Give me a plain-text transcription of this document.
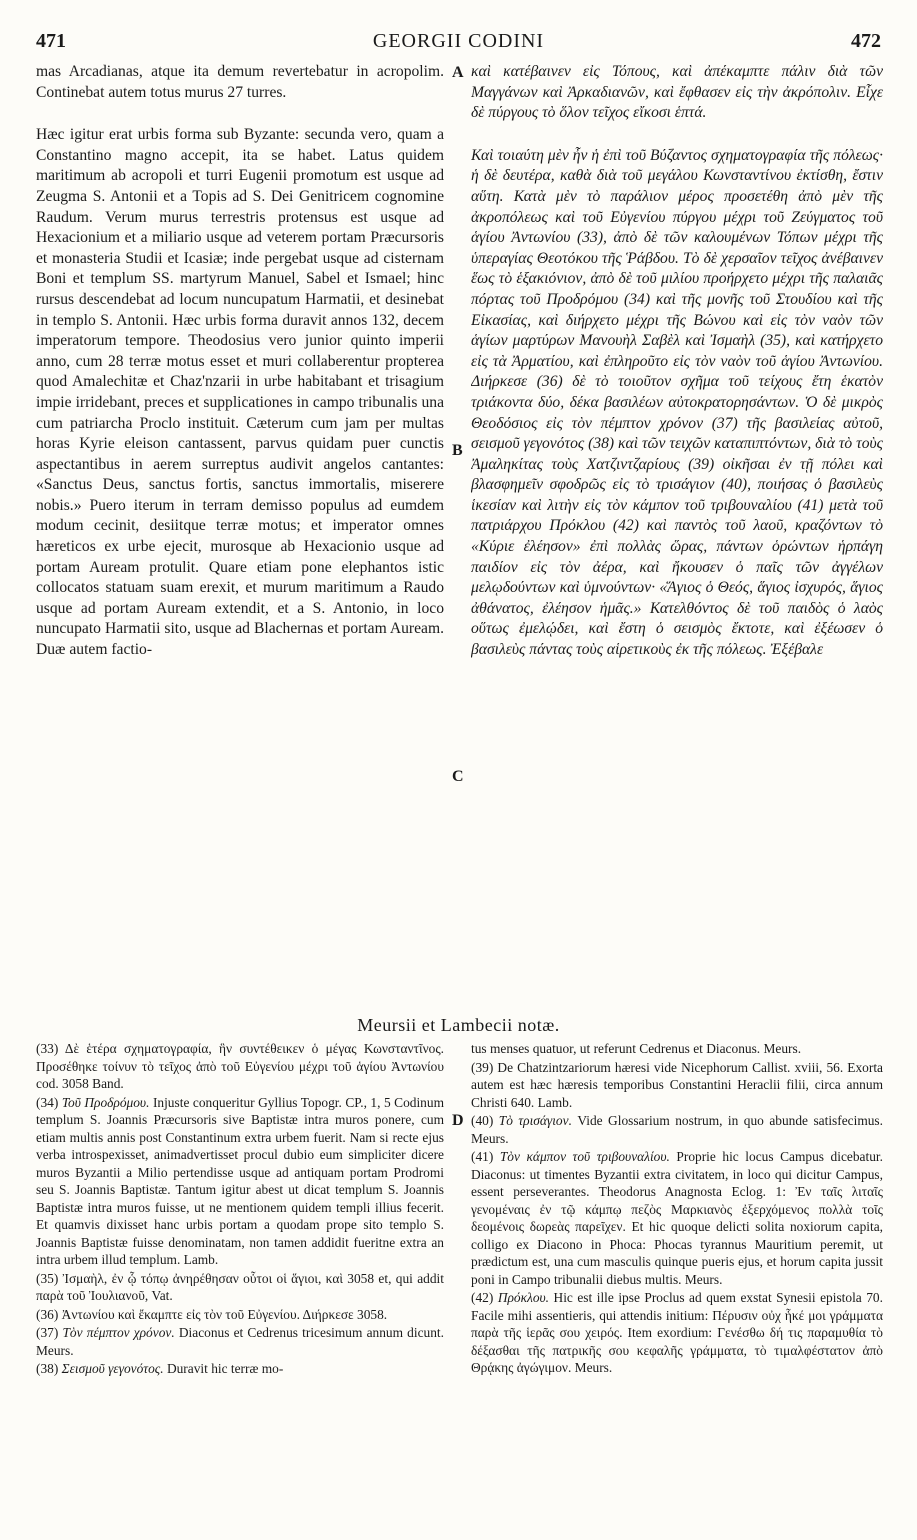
471	GEORGII CODINI	472

mas Arcadianas, atque ita demum revertebatur in acropolim. Continebat autem totus murus 27 turres.

Hæc igitur erat urbis forma sub Byzante: secunda vero, quam a Constantino magno accepit, ita se habet. Latus quidem maritimum ab acropoli et turri Eugenii promotum est usque ad Zeugma S. Antonii et a Topis ad S. Dei Genitricem cognomine Raudum. Verum murus terrestris protensus est usque ad Hexacionium et a miliario usque ad veterem portam Præcursoris et monasteria Studii et Icasiæ; inde pergebat usque ad cisternam Boni et templum SS. martyrum Manuel, Sabel et Ismael; hinc rursus descendebat ad locum nuncupatum Harmatii, et desinebat in templo S. Antonii. Hæc urbis forma duravit annos 132, decem imperatorum tempore. Theodosius vero junior quinto imperii anno, cum 28 terræ motus esset et muri collaberentur propterea quod Amalechitæ et Chaz'nzarii in urbe habitabant et trisagium impie irridebant, preces et supplicationes in campo tribunalis una cum patriarcha Proclo instituit. Cæterum cum jam per multas horas Kyrie eleison cantassent, parvus quidam puer cunctis aspectantibus in aerem surreptus audivit angelos cantantes: «Sanctus Deus, sanctus fortis, sanctus immortalis, miserere nobis.» Puero iterum in terram demisso populus ad eumdem modum cecinit, desiitque terræ motus; et imperator omnes hæreticos ex urbe ejecit, murosque ab Hexacionio usque ad portam Auream protulit. Quare etiam pone elephantos istic collocatos statuam suam erexit, et murum maritimum a Raudo usque ad portam Auream extendit, et a S. Antonio, in loco nuncupato Harmatii sito, usque ad Blachernas et portam Auream. Duæ autem factio-

καὶ κατέβαινεν εἰς Τόπους, καὶ ἀπέκαμπτε πάλιν διὰ τῶν Μαγγάνων καὶ Ἀρκαδιανῶν, καὶ ἔφθασεν εἰς τὴν ἀκρόπολιν. Εἶχε δὲ πύργους τὸ ὅλον τεῖχος εἴκοσι ἑπτά.

Καὶ τοιαύτη μὲν ἦν ἡ ἐπὶ τοῦ Βύζαντος σχηματογραφία τῆς πόλεως· ἡ δὲ δευτέρα, καθὰ διὰ τοῦ μεγάλου Κωνσταντίνου ἐκτίσθη, ἔστιν αὕτη. Κατὰ μὲν τὸ παράλιον μέρος προσετέθη ἀπὸ μὲν τῆς ἀκροπόλεως καὶ τοῦ Εὐγενίου πύργου μέχρι τοῦ Ζεύγματος τοῦ ἁγίου Ἀντωνίου (33), ἀπὸ δὲ τῶν καλουμένων Τόπων μέχρι τῆς ὑπεραγίας Θεοτόκου τῆς Ῥάβδου. Τὸ δὲ χερσαῖον τεῖχος ἀνέβαινεν ἕως τὸ ἑξακιόνιον, ἀπὸ δὲ τοῦ μιλίου προήρχετο μέχρι τῆς παλαιᾶς πόρτας τοῦ Προδρόμου (34) καὶ τῆς μονῆς τοῦ Στουδίου καὶ τῆς Εἰκασίας, καὶ διήρχετο μέχρι τῆς Βώνου καὶ εἰς τὸν ναὸν τῶν ἁγίων μαρτύρων Μανουὴλ Σαβὲλ καὶ Ἰσμαὴλ (35), καὶ κατήρχετο εἰς τὰ Ἀρματίου, καὶ ἐπληροῦτο εἰς τὸν ναὸν τοῦ ἁγίου Ἀντωνίου. Διήρκεσε (36) δὲ τὸ τοιοῦτον σχῆμα τοῦ τείχους ἔτη ἑκατὸν τριάκοντα δύο, δέκα βασιλέων αὐτοκρατορησάντων. Ὁ δὲ μικρὸς Θεοδόσιος εἰς τὸν πέμπτον χρόνον (37) τῆς βασιλείας αὐτοῦ, σεισμοῦ γεγονότος (38) καὶ τῶν τειχῶν καταπιπτόντων, διὰ τὸ τοὺς Ἀμαληκίτας τοὺς Χατζιντζαρίους (39) οἰκῆσαι ἐν τῇ πόλει καὶ βλασφημεῖν σφοδρῶς εἰς τὸ τρισάγιον (40), ποιήσας ὁ βασιλεὺς ἱκεσίαν καὶ λιτὴν εἰς τὸν κάμπον τοῦ τριβουναλίου (41) μετὰ τοῦ πατριάρχου Πρόκλου (42) καὶ παντὸς τοῦ λαοῦ, κραζόντων τὸ «Κύριε ἐλέησον» ἐπὶ πολλὰς ὥρας, πάντων ὁρώντων ἡρπάγη παιδίον εἰς τὸν ἀέρα, καὶ ἤκουσεν ὁ παῖς τῶν ἀγγέλων μελῳδούντων καὶ ὑμνούντων· «Ἅγιος ὁ Θεός, ἅγιος ἰσχυρός, ἅγιος ἀθάνατος, ἐλέησον ἡμᾶς.» Κατελθόντος δὲ τοῦ παιδὸς ὁ λαὸς οὕτως ἐμελῴδει, καὶ ἔστη ὁ σεισμὸς ἔκτοτε, καὶ ἐξέωσεν ὁ βασιλεὺς πάντας τοὺς αἱρετικοὺς ἐκ τῆς πόλεως. Ἐξέβαλε

A
B
C
D
Meursii et Lambecii notæ.

(33) Δὲ ἑτέρα σχηματογραφία, ἣν συντέθεικεν ὁ μέγας Κωνσταντῖνος. Προσέθηκε τοίνυν τὸ τεῖχος ἀπὸ τοῦ Εὐγενίου μέχρι τοῦ ἁγίου Ἀντωνίου cod. 3058 Band.

(34) Τοῦ Προδρόμου. Injuste conqueritur Gyllius Topogr. CP., 1, 5 Codinum templum S. Joannis Præcursoris sive Baptistæ intra muros ponere, cum etiam multis annis post Constantinum extra urbem fuerit. Nam si recte ejus verba introspexisset, animadvertisset procul dubio eum simpliciter dicere muros Byzantii a Milio pertendisse usque ad antiquam portam Prodromi seu S. Joannis Baptistæ. Tantum igitur abest ut dicat templum S. Joannis Baptistæ intra muros fuisse, ut ne mentionem quidem templi illius fecerit. Et quamvis dixisset hanc urbis portam a quodam prope sito templo S. Joannis Baptistæ fuisse denominatam, non tamen addidit fueritne extra an intra urbem illud templum. Lamb.

(35) Ἰσμαὴλ, ἐν ᾧ τόπῳ ἀνηρέθησαν οὗτοι οἱ ἅγιοι, καὶ 3058 et, qui addit παρὰ τοῦ Ἰουλιανοῦ, Vat.

(36) Ἀντωνίου καὶ ἔκαμπτε εἰς τὸν τοῦ Εὐγενίου. Διήρκεσε 3058.

(37) Τὸν πέμπτον χρόνον. Diaconus et Cedrenus tricesimum annum dicunt. Meurs.

(38) Σεισμοῦ γεγονότος. Duravit hic terræ mo-

tus menses quatuor, ut referunt Cedrenus et Diaconus. Meurs.

(39) De Chatzintzariorum hæresi vide Nicephorum Callist. xviii, 56. Exorta autem est hæc hæresis temporibus Constantini Heraclii filii, circa annum Christi 640. Lamb.

(40) Τὸ τρισάγιον. Vide Glossarium nostrum, in quo abunde satisfecimus. Meurs.

(41) Τὸν κάμπον τοῦ τριβουναλίου. Proprie hic locus Campus dicebatur. Diaconus: ut timentes Byzantii extra civitatem, in loco qui dicitur Campus, essent perseverantes. Theodorus Anagnosta Eclog. 1: Ἐν ταῖς λιταῖς γενομέναις ἐν τῷ κάμπῳ πεζὸς Μαρκιανὸς ἐξερχόμενος πολλὰ τοῖς δεομένοις δωρεὰς παρεῖχεν. Et hic quoque delicti solita noxiorum capita, colligo ex Diacono in Phoca: Phocas tyrannus Mauritium peremit, ut prædictum est, una cum masculis quinque pueris ejus, et horum capita jussit poni in Campo tribunalii diebus multis. Meurs.

(42) Πρόκλου. Hic est ille ipse Proclus ad quem exstat Synesii epistola 70. Facile mihi assentieris, qui attendis initium: Πέρυσιν οὐχ ἧκέ μοι γράμματα παρὰ τῆς ἱερᾶς σου χειρός. Item exordium: Γενέσθω δή τις παραμυθία τὸ δέξασθαι τῆς πατρικῆς σου κεφαλῆς γράμματα, τὸ τιμαλφέστατον ἀπὸ Θρᾴκης ἀγώγιμον. Meurs.
